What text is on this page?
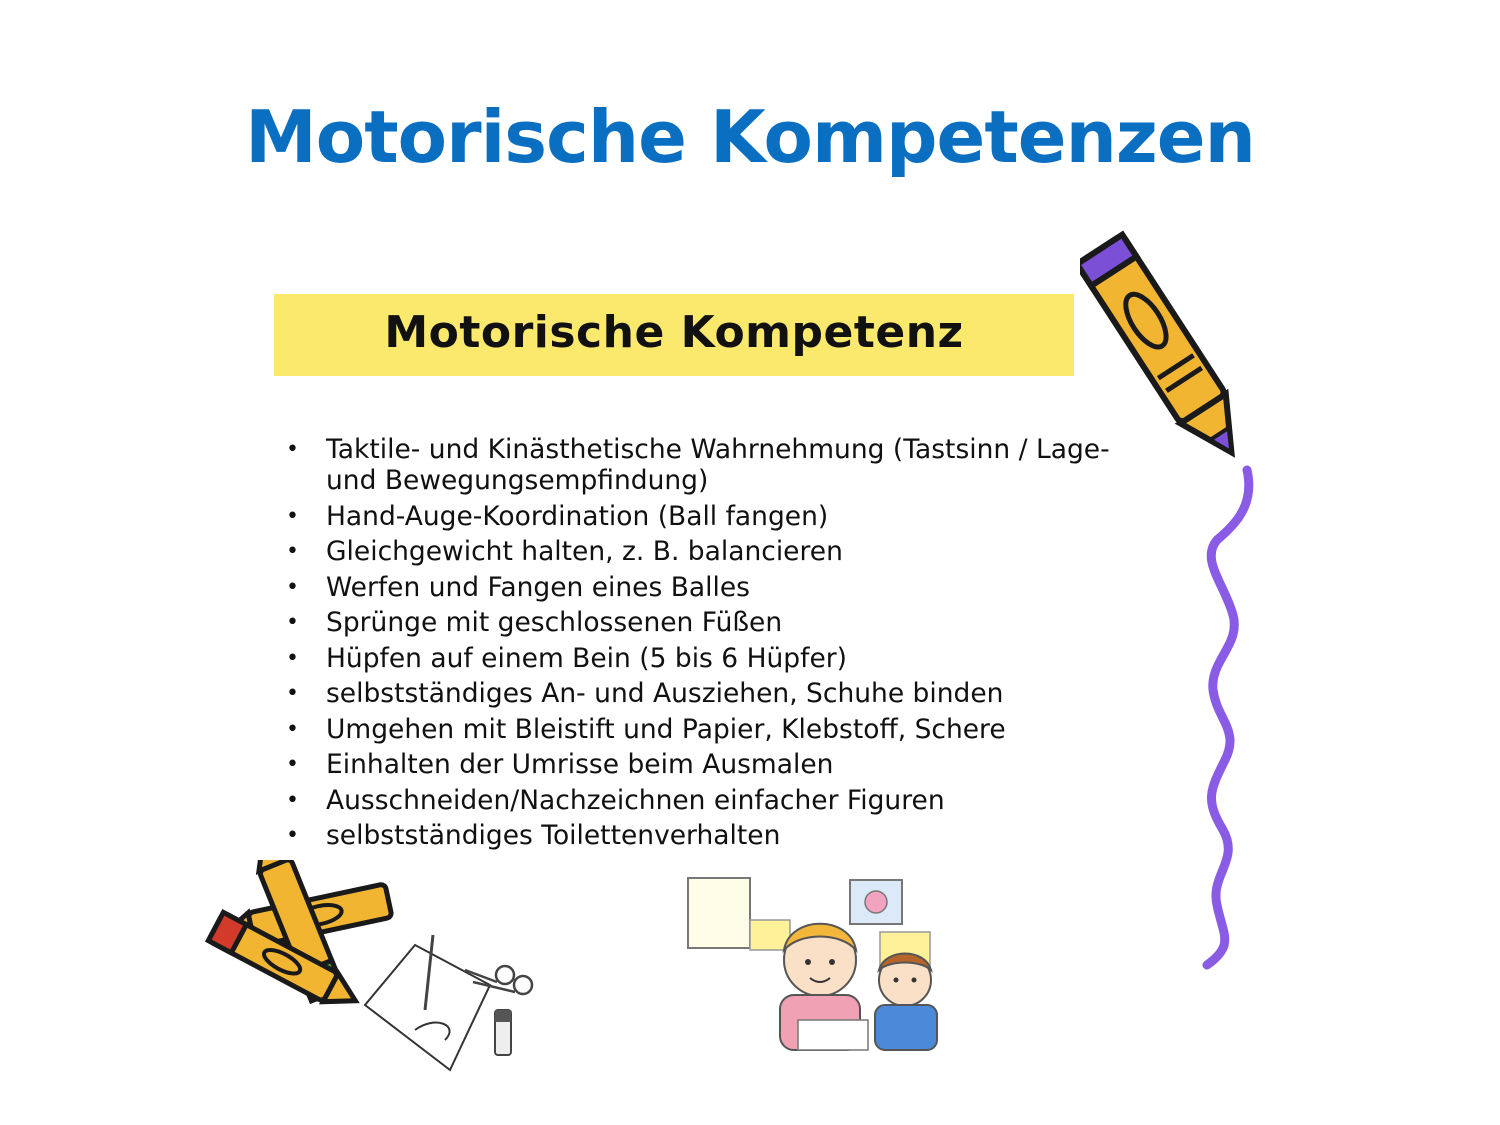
Motorische Kompetenzen
Motorische Kompetenz
• Taktile- und Kinästhetische Wahrnehmung (Tastsinn / Lage- und Bewegungsempfindung)
• Hand-Auge-Koordination (Ball fangen)
• Gleichgewicht halten, z. B. balancieren
• Werfen und Fangen eines Balles
• Sprünge mit geschlossenen Füßen
• Hüpfen auf einem Bein (5 bis 6 Hüpfer)
• selbstständiges An- und Ausziehen, Schuhe binden
• Umgehen mit Bleistift und Papier, Klebstoff, Schere
• Einhalten der Umrisse beim Ausmalen
• Ausschneiden/Nachzeichnen einfacher Figuren
• selbstständiges Toilettenverhalten
